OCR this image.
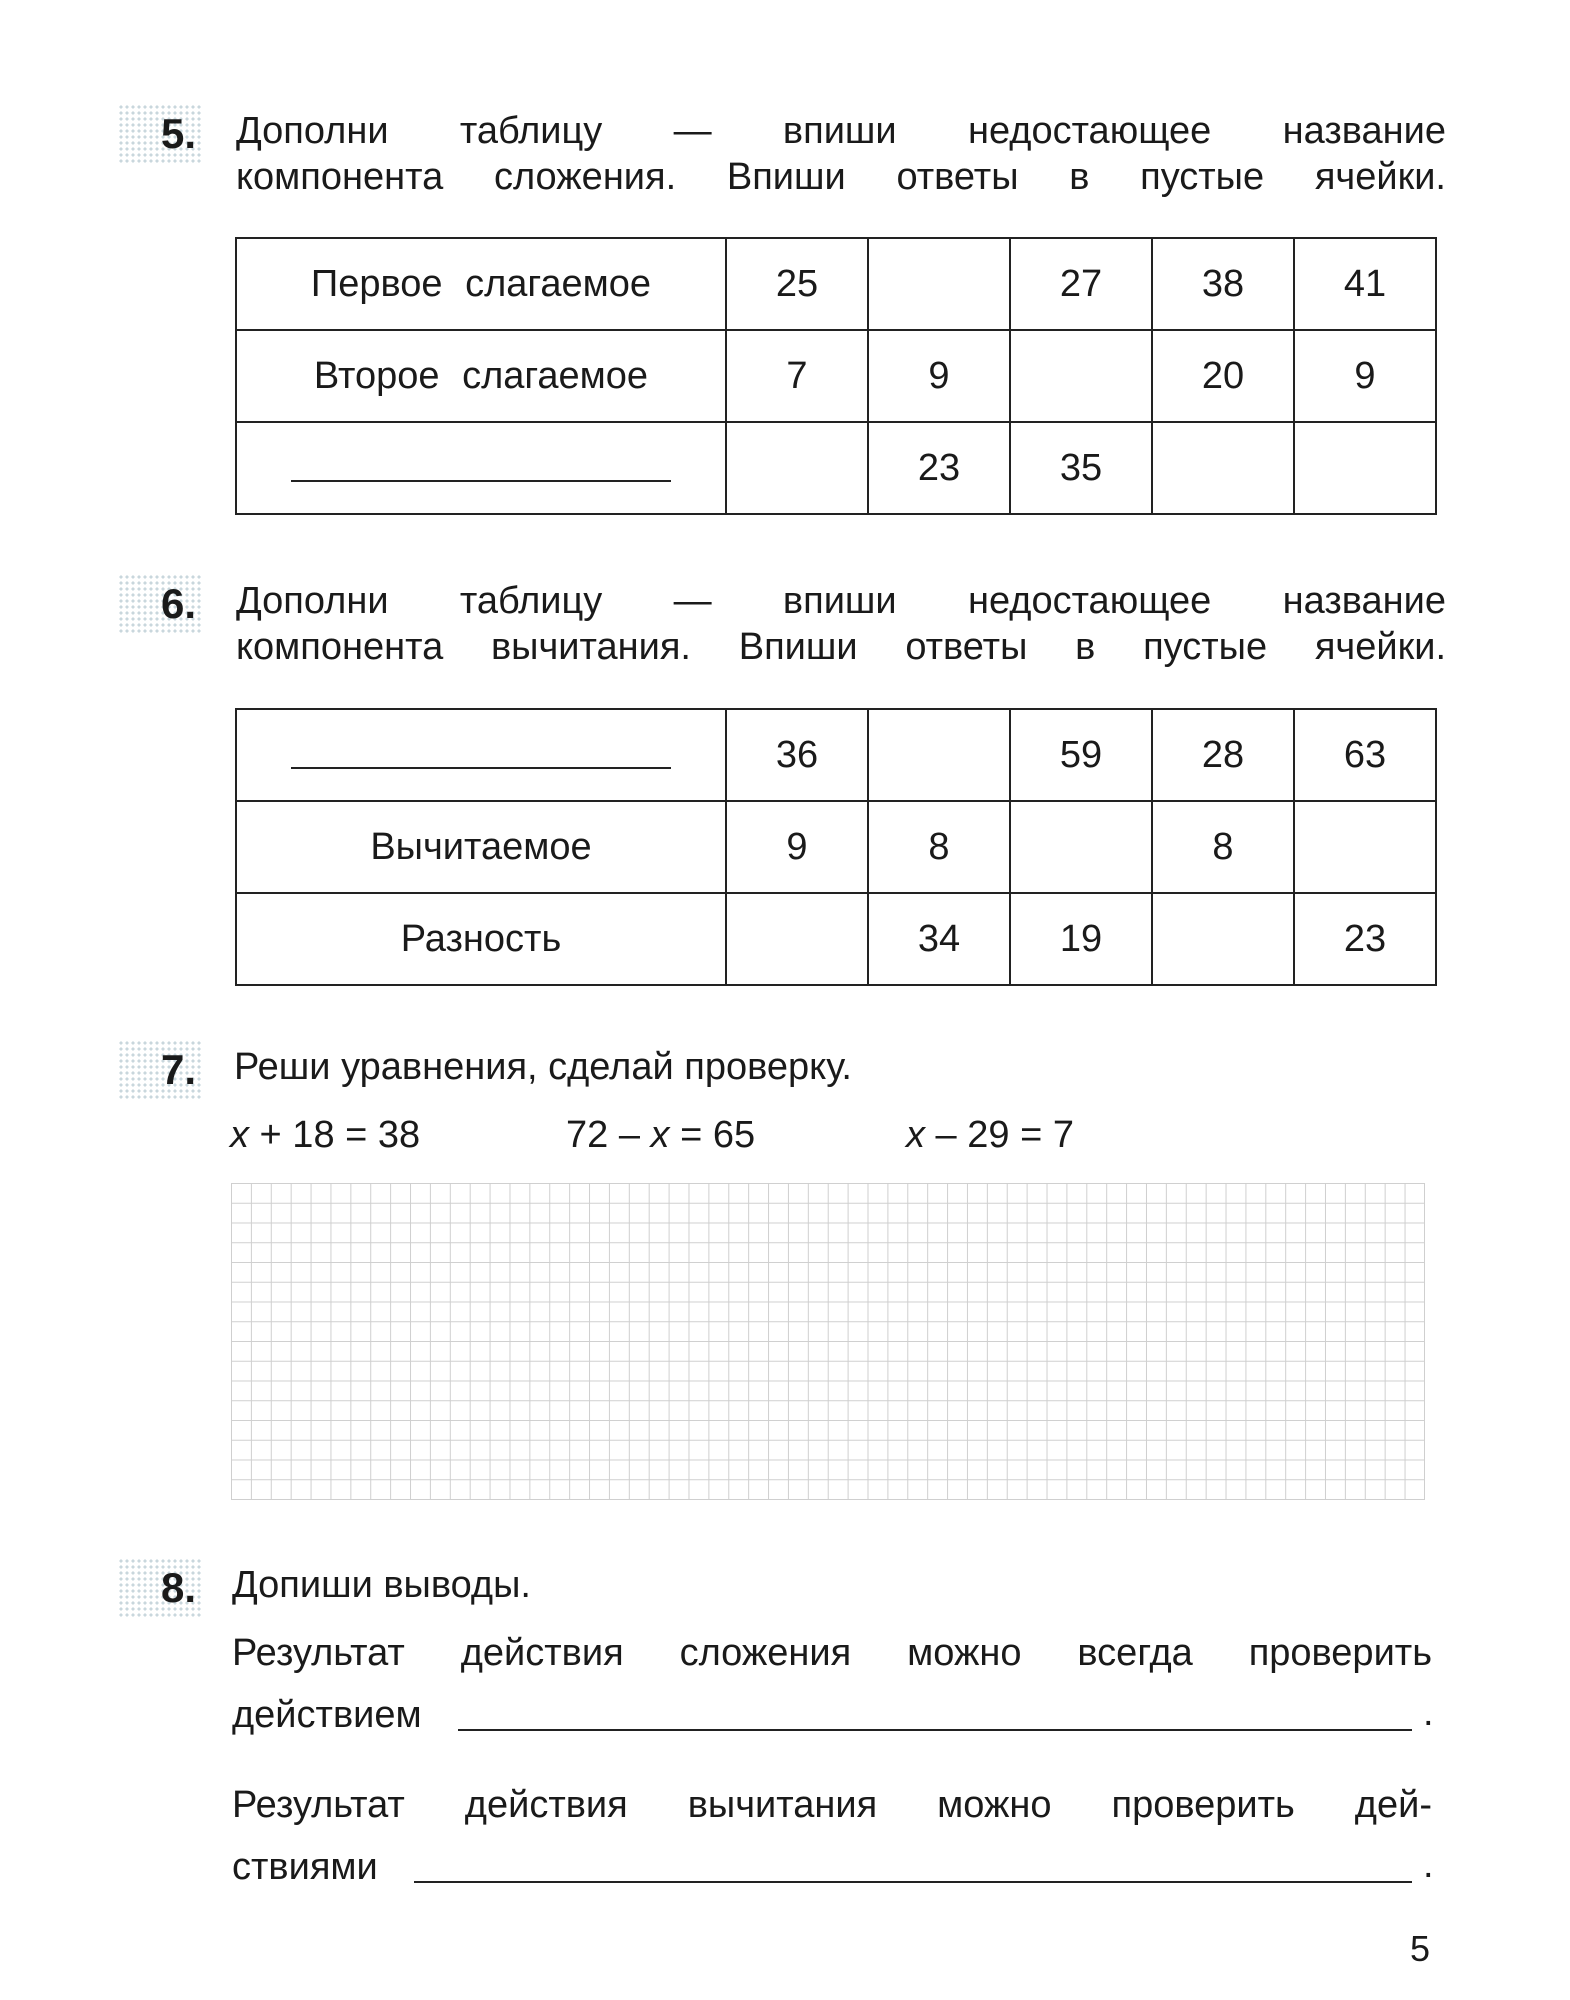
5. Дополни таблицу — впиши недостающее название
компонента сложения. Впиши ответы в пустые ячейки.
Первое слагаемое	25		27	38	41
Второе слагаемое	7	9		20	9
		23	35		
6. Дополни таблицу — впиши недостающее название
компонента вычитания. Впиши ответы в пустые ячейки.
	36		59	28	63
Вычитаемое	9	8		8	
Разность		34	19		23
7. Реши уравнения, сделай проверку.
x + 18 = 38	72 – x = 65	x – 29 = 7
8. Допиши выводы.
Результат действия сложения можно всегда проверить
действием	.
Результат действия вычитания можно проверить дей-
ствиями	.
5
